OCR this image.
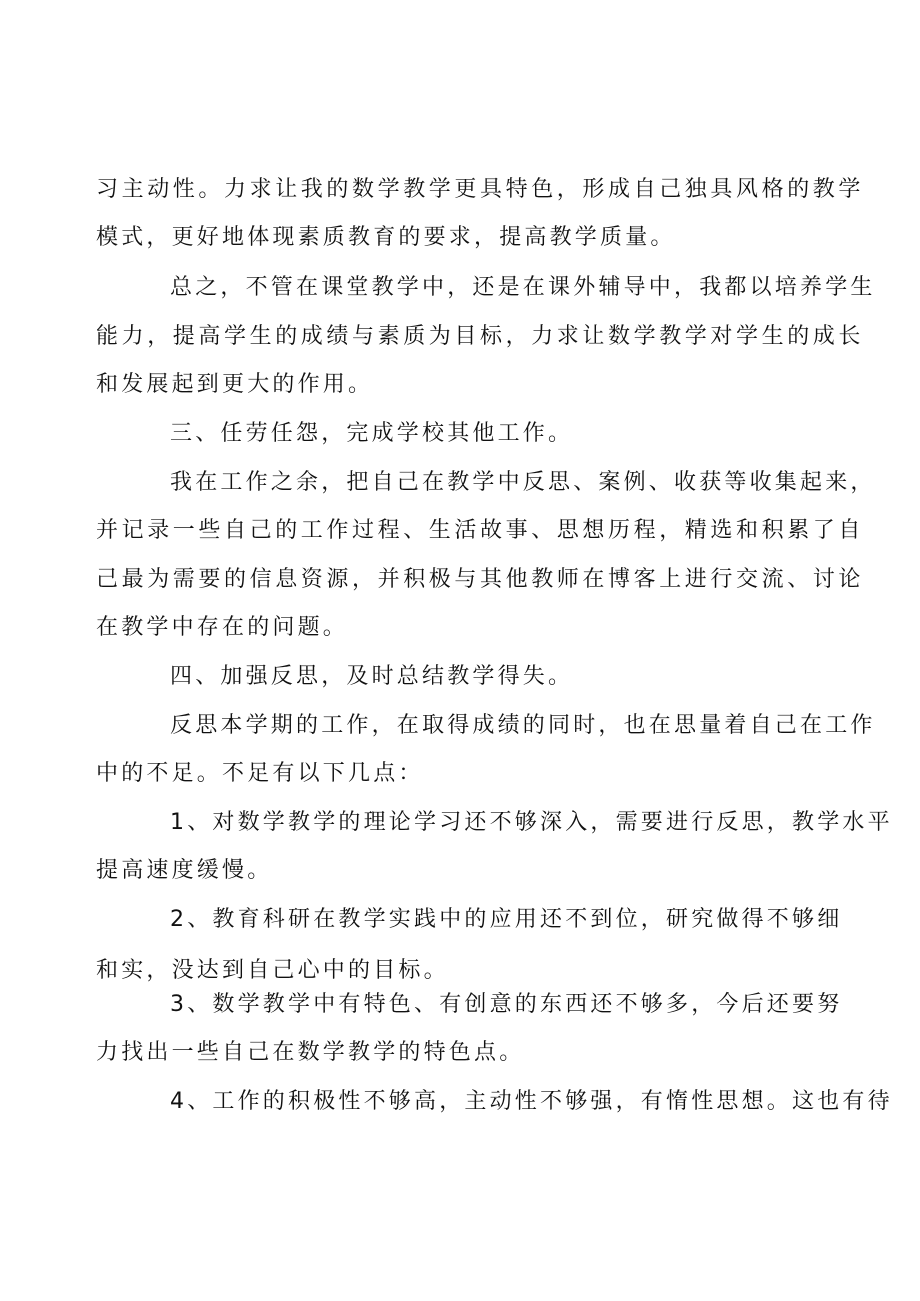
习主动性。力求让我的数学教学更具特色，形成自己独具风格的教学

模式，更好地体现素质教育的要求，提高教学质量。

总之，不管在课堂教学中，还是在课外辅导中，我都以培养学生

能力，提高学生的成绩与素质为目标，力求让数学教学对学生的成长

和发展起到更大的作用。

三、任劳任怨，完成学校其他工作。

我在工作之余，把自己在教学中反思、案例、收获等收集起来，

并记录一些自己的工作过程、生活故事、思想历程，精选和积累了自

己最为需要的信息资源，并积极与其他教师在博客上进行交流、讨论

在教学中存在的问题。

四、加强反思，及时总结教学得失。

反思本学期的工作，在取得成绩的同时，也在思量着自己在工作

中的不足。不足有以下几点：

1、对数学教学的理论学习还不够深入，需要进行反思，教学水平

提高速度缓慢。

2、教育科研在教学实践中的应用还不到位，研究做得不够细

和实，没达到自己心中的目标。

3、数学教学中有特色、有创意的东西还不够多，今后还要努

力找出一些自己在数学教学的特色点。

4、工作的积极性不够高，主动性不够强，有惰性思想。这也有待
